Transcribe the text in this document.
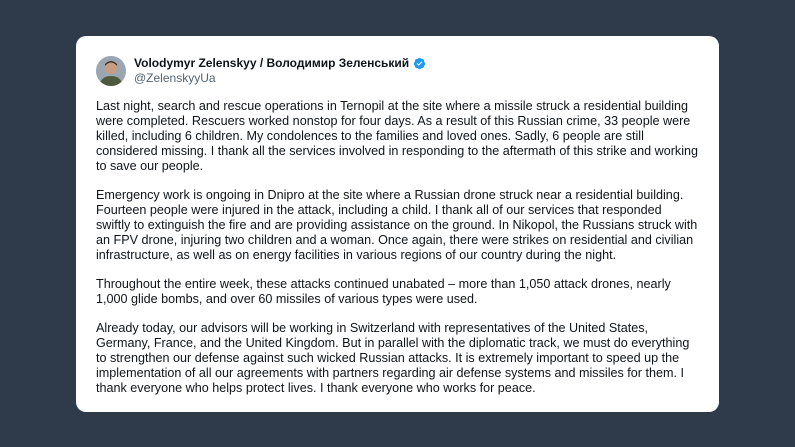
Volodymyr Zelenskyy / Володимир Зеленський
@ZelenskyyUa

Last night, search and rescue operations in Ternopil at the site where a missile struck a residential building were completed. Rescuers worked nonstop for four days. As a result of this Russian crime, 33 people were killed, including 6 children. My condolences to the families and loved ones. Sadly, 6 people are still considered missing. I thank all the services involved in responding to the aftermath of this strike and working to save our people.

Emergency work is ongoing in Dnipro at the site where a Russian drone struck near a residential building. Fourteen people were injured in the attack, including a child. I thank all of our services that responded swiftly to extinguish the fire and are providing assistance on the ground. In Nikopol, the Russians struck with an FPV drone, injuring two children and a woman. Once again, there were strikes on residential and civilian infrastructure, as well as on energy facilities in various regions of our country during the night.

Throughout the entire week, these attacks continued unabated – more than 1,050 attack drones, nearly 1,000 glide bombs, and over 60 missiles of various types were used.

Already today, our advisors will be working in Switzerland with representatives of the United States, Germany, France, and the United Kingdom. But in parallel with the diplomatic track, we must do everything to strengthen our defense against such wicked Russian attacks. It is extremely important to speed up the implementation of all our agreements with partners regarding air defense systems and missiles for them. I thank everyone who helps protect lives. I thank everyone who works for peace.
